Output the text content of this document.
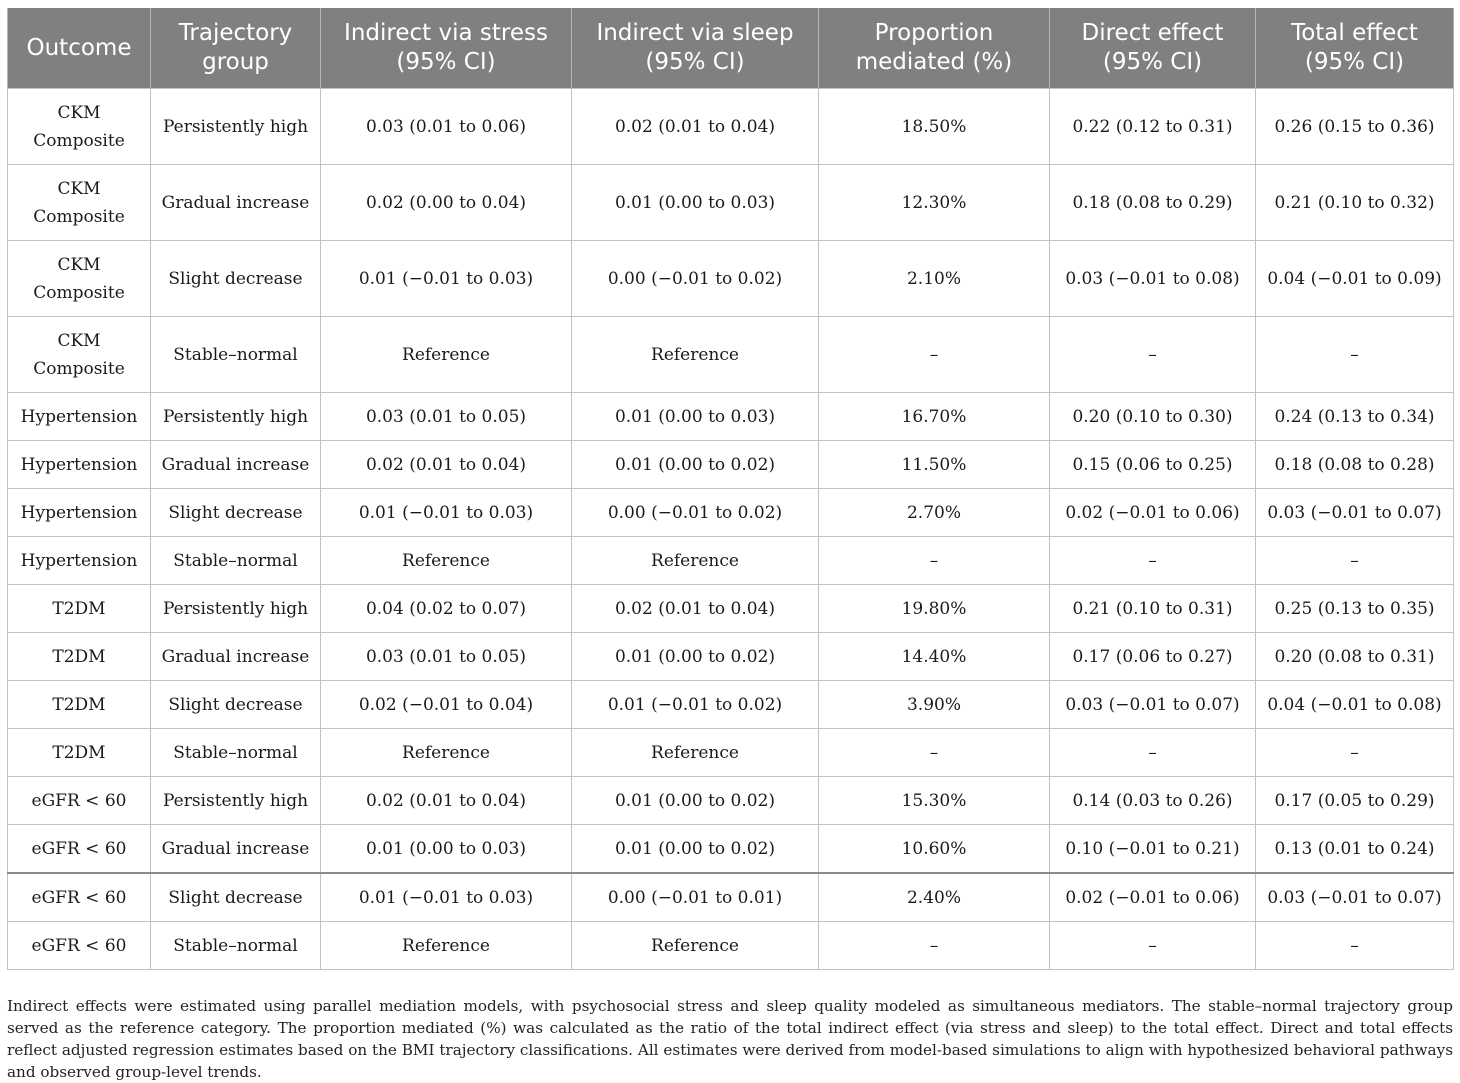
Outcome	Trajectory group	Indirect via stress (95% CI)	Indirect via sleep (95% CI)	Proportion mediated (%)	Direct effect (95% CI)	Total effect (95% CI)
CKM Composite	Persistently high	0.03 (0.01 to 0.06)	0.02 (0.01 to 0.04)	18.50%	0.22 (0.12 to 0.31)	0.26 (0.15 to 0.36)
CKM Composite	Gradual increase	0.02 (0.00 to 0.04)	0.01 (0.00 to 0.03)	12.30%	0.18 (0.08 to 0.29)	0.21 (0.10 to 0.32)
CKM Composite	Slight decrease	0.01 (−0.01 to 0.03)	0.00 (−0.01 to 0.02)	2.10%	0.03 (−0.01 to 0.08)	0.04 (−0.01 to 0.09)
CKM Composite	Stable–normal	Reference	Reference	–	–	–
Hypertension	Persistently high	0.03 (0.01 to 0.05)	0.01 (0.00 to 0.03)	16.70%	0.20 (0.10 to 0.30)	0.24 (0.13 to 0.34)
Hypertension	Gradual increase	0.02 (0.01 to 0.04)	0.01 (0.00 to 0.02)	11.50%	0.15 (0.06 to 0.25)	0.18 (0.08 to 0.28)
Hypertension	Slight decrease	0.01 (−0.01 to 0.03)	0.00 (−0.01 to 0.02)	2.70%	0.02 (−0.01 to 0.06)	0.03 (−0.01 to 0.07)
Hypertension	Stable–normal	Reference	Reference	–	–	–
T2DM	Persistently high	0.04 (0.02 to 0.07)	0.02 (0.01 to 0.04)	19.80%	0.21 (0.10 to 0.31)	0.25 (0.13 to 0.35)
T2DM	Gradual increase	0.03 (0.01 to 0.05)	0.01 (0.00 to 0.02)	14.40%	0.17 (0.06 to 0.27)	0.20 (0.08 to 0.31)
T2DM	Slight decrease	0.02 (−0.01 to 0.04)	0.01 (−0.01 to 0.02)	3.90%	0.03 (−0.01 to 0.07)	0.04 (−0.01 to 0.08)
T2DM	Stable–normal	Reference	Reference	–	–	–
eGFR < 60	Persistently high	0.02 (0.01 to 0.04)	0.01 (0.00 to 0.02)	15.30%	0.14 (0.03 to 0.26)	0.17 (0.05 to 0.29)
eGFR < 60	Gradual increase	0.01 (0.00 to 0.03)	0.01 (0.00 to 0.02)	10.60%	0.10 (−0.01 to 0.21)	0.13 (0.01 to 0.24)
eGFR < 60	Slight decrease	0.01 (−0.01 to 0.03)	0.00 (−0.01 to 0.01)	2.40%	0.02 (−0.01 to 0.06)	0.03 (−0.01 to 0.07)
eGFR < 60	Stable–normal	Reference	Reference	–	–	–

Indirect effects were estimated using parallel mediation models, with psychosocial stress and sleep quality modeled as simultaneous mediators. The stable–normal trajectory group served as the reference category. The proportion mediated (%) was calculated as the ratio of the total indirect effect (via stress and sleep) to the total effect. Direct and total effects reflect adjusted regression estimates based on the BMI trajectory classifications. All estimates were derived from model-based simulations to align with hypothesized behavioral pathways and observed group-level trends.
